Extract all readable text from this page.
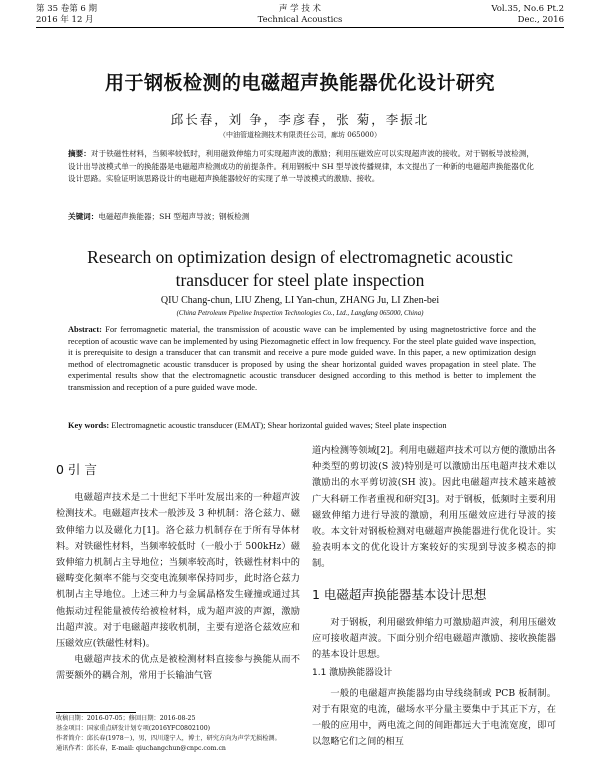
第 35 卷第 6 期
2016 年 12 月
声 学 技 术
Technical Acoustics
Vol.35, No.6 Pt.2
Dec., 2016
用于钢板检测的电磁超声换能器优化设计研究
邱长春，刘 争，李彦春，张 菊，李振北
（中油管道检测技术有限责任公司，廊坊 065000）
摘要：对于铁磁性材料，当频率较低时，利用磁致伸缩力可实现超声波的激励；利用压磁效应可以实现超声波的接收。对于钢板导波检测，设计出导波模式单一的换能器是电磁超声检测成功的前提条件。利用钢板中 SH 型导波传播规律，本文提出了一种新的电磁超声换能器优化设计思路。实验证明该思路设计的电磁超声换能器较好的实现了单一导波模式的激励、接收。
关键词：电磁超声换能器；SH 型超声导波；钢板检测
Research on optimization design of electromagnetic acoustic
transducer for steel plate inspection
QIU Chang-chun, LIU Zheng, LI Yan-chun, ZHANG Ju, LI Zhen-bei
(China Petroleum Pipeline Inspection Technologies Co., Ltd., Langfang 065000, China)
Abstract: For ferromagnetic material, the transmission of acoustic wave can be implemented by using magnetostrictive force and the reception of acoustic wave can be implemented by using Piezomagnetic effect in low frequency. For the steel plate guided wave inspection, it is prerequisite to design a transducer that can transmit and receive a pure mode guided wave. In this paper, a new optimization design method of electromagnetic acoustic transducer is proposed by using the shear horizontal guided waves propagation in steel plate. The experimental results show that the electromagnetic acoustic transducer designed according to this method is better to implement the transmission and reception of a pure guided wave mode.
Key words: Electromagnetic acoustic transducer (EMAT); Shear horizontal guided waves; Steel plate inspection
0 引 言

电磁超声技术是二十世纪下半叶发展出来的一种超声波检测技术。电磁超声技术一般涉及 3 种机制：洛仑兹力、磁致伸缩力以及磁化力[1]。洛仑兹力机制存在于所有导体材料。对铁磁性材料，当频率较低时（一般小于 500kHz）磁致伸缩力机制占主导地位；当频率较高时，铁磁性材料中的磁畴变化频率不能与交变电流频率保持同步，此时洛仑兹力机制占主导地位。上述三种力与金属晶格发生碰撞或通过其他振动过程能量被传给被检材料，成为超声波的声源，激励出超声波。对于电磁超声接收机制，主要有逆洛仑兹效应和压磁效应(铁磁性材料)。

电磁超声技术的优点是被检测材料直接参与换能从而不需要额外的耦合剂，常用于长输油气管

道内检测等领域[2]。利用电磁超声技术可以方便的激励出各种类型的剪切波(S 波)特别是可以激励出压电超声技术难以激励出的水平剪切波(SH 波)。因此电磁超声技术越来越被广大科研工作者重视和研究[3]。对于钢板，低频时主要利用磁致伸缩力进行导波的激励，利用压磁效应进行导波的接收。本文针对钢板检测对电磁超声换能器进行优化设计。实验表明本文的优化设计方案较好的实现到导波多模态的抑制。

1 电磁超声换能器基本设计思想

对于钢板，利用磁致伸缩力可激励超声波，利用压磁效应可接收超声波。下面分别介绍电磁超声激励、接收换能器的基本设计思想。

1.1 激励换能器设计

一般的电磁超声换能器均由导线绕制或 PCB 板制制。对于有限宽的电流，磁场水平分量主要集中于其正下方，在一般的应用中，两电流之间的间距都远大于电流宽度，即可以忽略它们之间的相互

收稿日期：2016-07-05；修回日期：2016-08-25
基金项目：国家重点研发计划专项(2016YFC0802100)
作者简介：邱长春(1978－)，男，四川遂宁人，博士，研究方向为声学无损检测。
通讯作者：邱长春，E-mail: qiuchangchun@cnpc.com.cn
